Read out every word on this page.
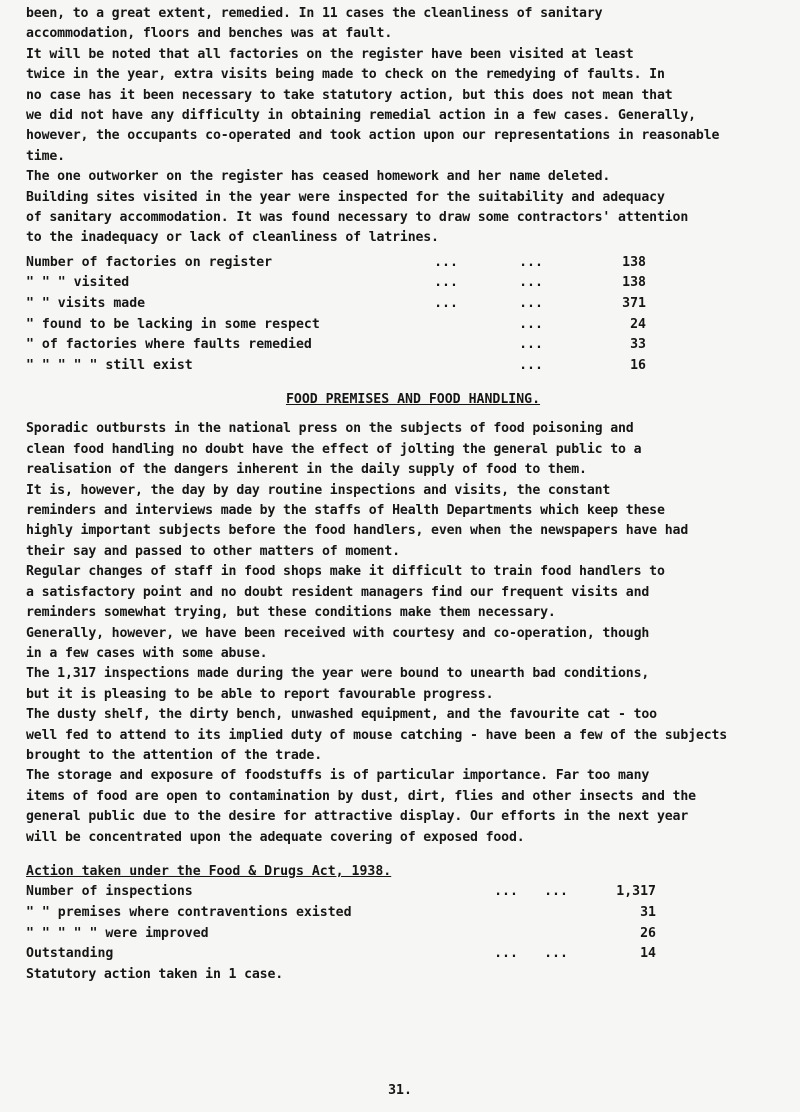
been, to a great extent, remedied. In 11 cases the cleanliness of sanitary
accommodation, floors and benches was at fault.
It will be noted that all factories on the register have been visited at least
twice in the year, extra visits being made to check on the remedying of faults. In
no case has it been necessary to take statutory action, but this does not mean that
we did not have any difficulty in obtaining remedial action in a few cases. Generally,
however, the occupants co-operated and took action upon our representations in reasonable
time.
The one outworker on the register has ceased homework and her name deleted.
Building sites visited in the year were inspected for the suitability and adequacy
of sanitary accommodation. It was found necessary to draw some contractors' attention
to the inadequacy or lack of cleanliness of latrines.
Number of factories on register	...	...	138
" " " visited	...	...	138
" " visits made	...	...	371
" found to be lacking in some respect		...	24
" of factories where faults remedied		...	33
" " " " " still exist		...	16
FOOD PREMISES AND FOOD HANDLING.
Sporadic outbursts in the national press on the subjects of food poisoning and
clean food handling no doubt have the effect of jolting the general public to a
realisation of the dangers inherent in the daily supply of food to them.
It is, however, the day by day routine inspections and visits, the constant
reminders and interviews made by the staffs of Health Departments which keep these
highly important subjects before the food handlers, even when the newspapers have had
their say and passed to other matters of moment.
Regular changes of staff in food shops make it difficult to train food handlers to
a satisfactory point and no doubt resident managers find our frequent visits and
reminders somewhat trying, but these conditions make them necessary.
Generally, however, we have been received with courtesy and co-operation, though
in a few cases with some abuse.
The 1,317 inspections made during the year were bound to unearth bad conditions,
but it is pleasing to be able to report favourable progress.
The dusty shelf, the dirty bench, unwashed equipment, and the favourite cat - too
well fed to attend to its implied duty of mouse catching - have been a few of the subjects
brought to the attention of the trade.
The storage and exposure of foodstuffs is of particular importance. Far too many
items of food are open to contamination by dust, dirt, flies and other insects and the
general public due to the desire for attractive display. Our efforts in the next year
will be concentrated upon the adequate covering of exposed food.
Action taken under the Food & Drugs Act, 1938.
Number of inspections	...	...	1,317
" " premises where contraventions existed			31
" " " " " were improved			26
Outstanding	...	...	14
Statutory action taken in 1 case.
31.
